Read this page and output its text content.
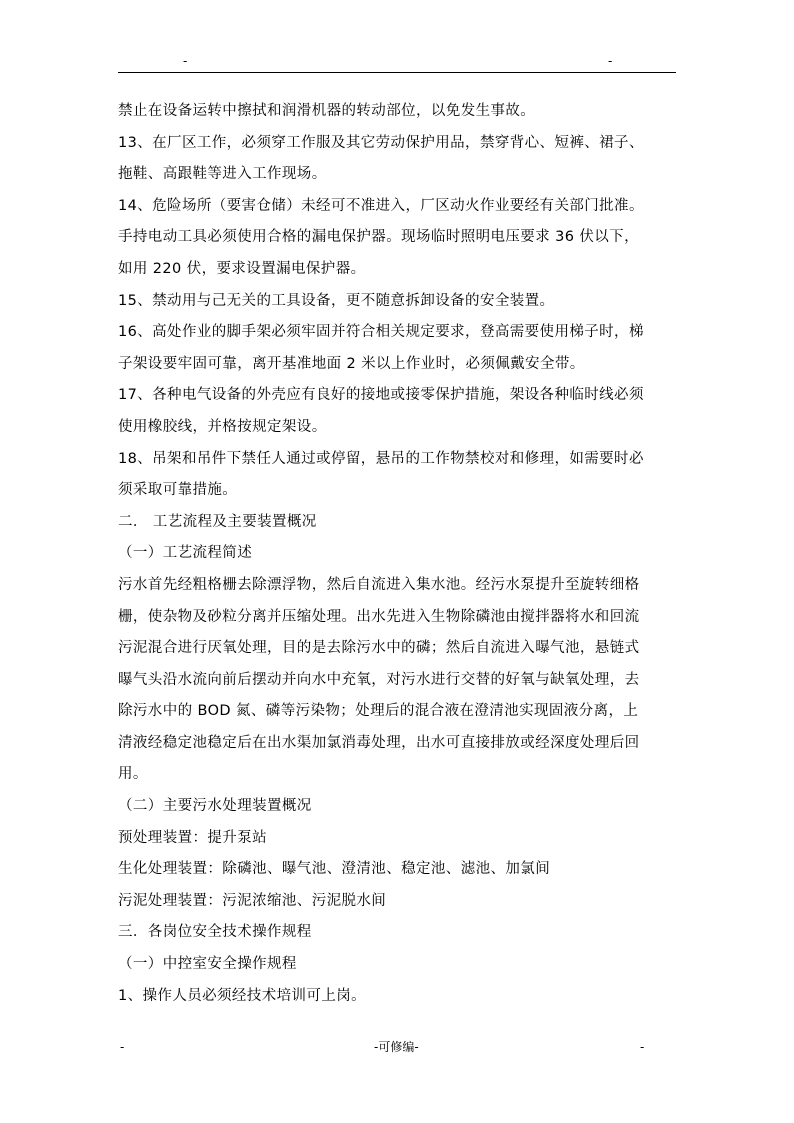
-	-
禁止在设备运转中擦拭和润滑机器的转动部位，以免发生事故。
13、在厂区工作，必须穿工作服及其它劳动保护用品，禁穿背心、短裤、裙子、
拖鞋、高跟鞋等进入工作现场。
14、危险场所（要害仓储）未经可不准进入，厂区动火作业要经有关部门批准。
手持电动工具必须使用合格的漏电保护器。现场临时照明电压要求 36 伏以下，
如用 220 伏，要求设置漏电保护器。
15、禁动用与己无关的工具设备，更不随意拆卸设备的安全装置。
16、高处作业的脚手架必须牢固并符合相关规定要求，登高需要使用梯子时，梯
子架设要牢固可靠，离开基准地面 2 米以上作业时，必须佩戴安全带。
17、各种电气设备的外壳应有良好的接地或接零保护措施，架设各种临时线必须
使用橡胶线，并格按规定架设。
18、吊架和吊件下禁任人通过或停留，悬吊的工作物禁校对和修理，如需要时必
须采取可靠措施。
二． 工艺流程及主要装置概况
（一）工艺流程简述
污水首先经粗格栅去除漂浮物，然后自流进入集水池。经污水泵提升至旋转细格
栅，使杂物及砂粒分离并压缩处理。出水先进入生物除磷池由搅拌器将水和回流
污泥混合进行厌氧处理，目的是去除污水中的磷；然后自流进入曝气池，悬链式
曝气头沿水流向前后摆动并向水中充氧，对污水进行交替的好氧与缺氧处理，去
除污水中的 BOD 氮、磷等污染物；处理后的混合液在澄清池实现固液分离，上
清液经稳定池稳定后在出水渠加氯消毒处理，出水可直接排放或经深度处理后回
用。
（二）主要污水处理装置概况
预处理装置：提升泵站
生化处理装置：除磷池、曝气池、澄清池、稳定池、滤池、加氯间
污泥处理装置：污泥浓缩池、污泥脱水间
三．各岗位安全技术操作规程
（一）中控室安全操作规程
1、操作人员必须经技术培训可上岗。
-	-可修编-	-
